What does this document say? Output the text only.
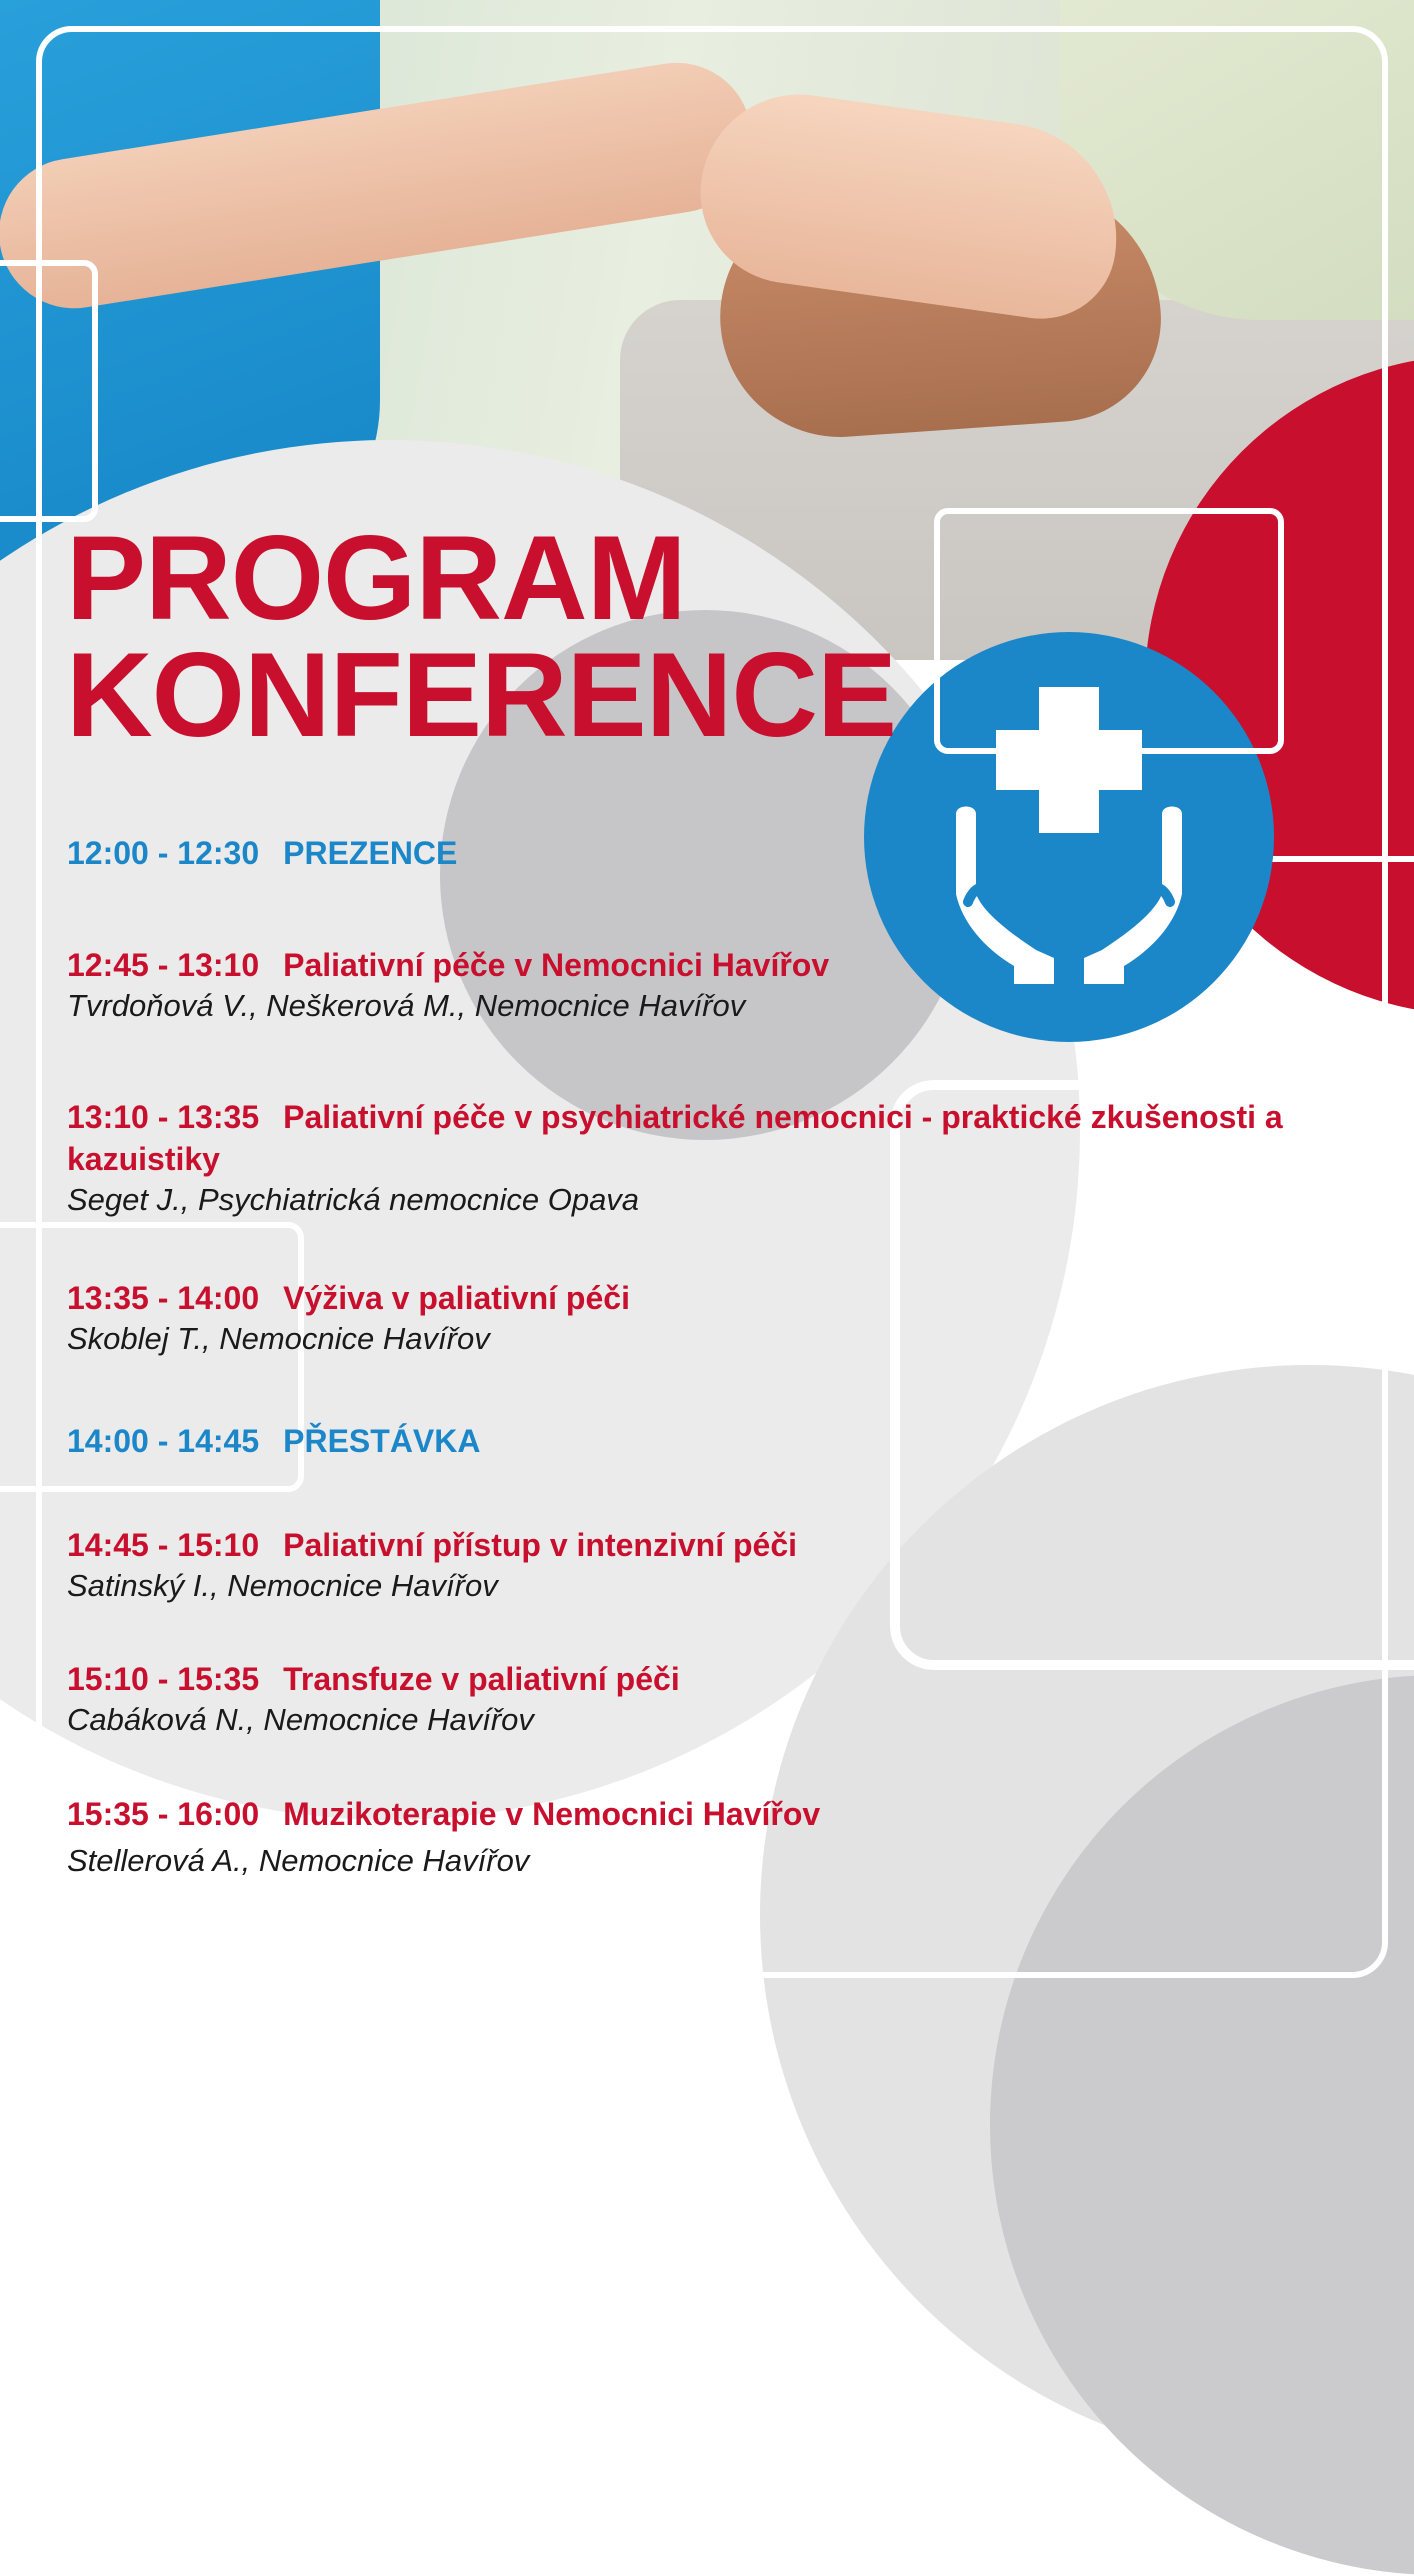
PROGRAM
KONFERENCE

12:00 - 12:30 PREZENCE

12:45 - 13:10 Paliativní péče v Nemocnici Havířov

Tvrdoňová V., Neškerová M., Nemocnice Havířov

13:10 - 13:35 Paliativní péče v psychiatrické nemocnici - praktické zkušenosti a kazuistiky

Seget J., Psychiatrická nemocnice Opava

13:35 - 14:00 Výživa v paliativní péči

Skoblej T., Nemocnice Havířov

14:00 - 14:45 PŘESTÁVKA

14:45 - 15:10 Paliativní přístup v intenzivní péči

Satinský I., Nemocnice Havířov

15:10 - 15:35 Transfuze v paliativní péči

Cabáková N., Nemocnice Havířov

15:35 - 16:00 Muzikoterapie v Nemocnici Havířov

Stellerová A., Nemocnice Havířov
